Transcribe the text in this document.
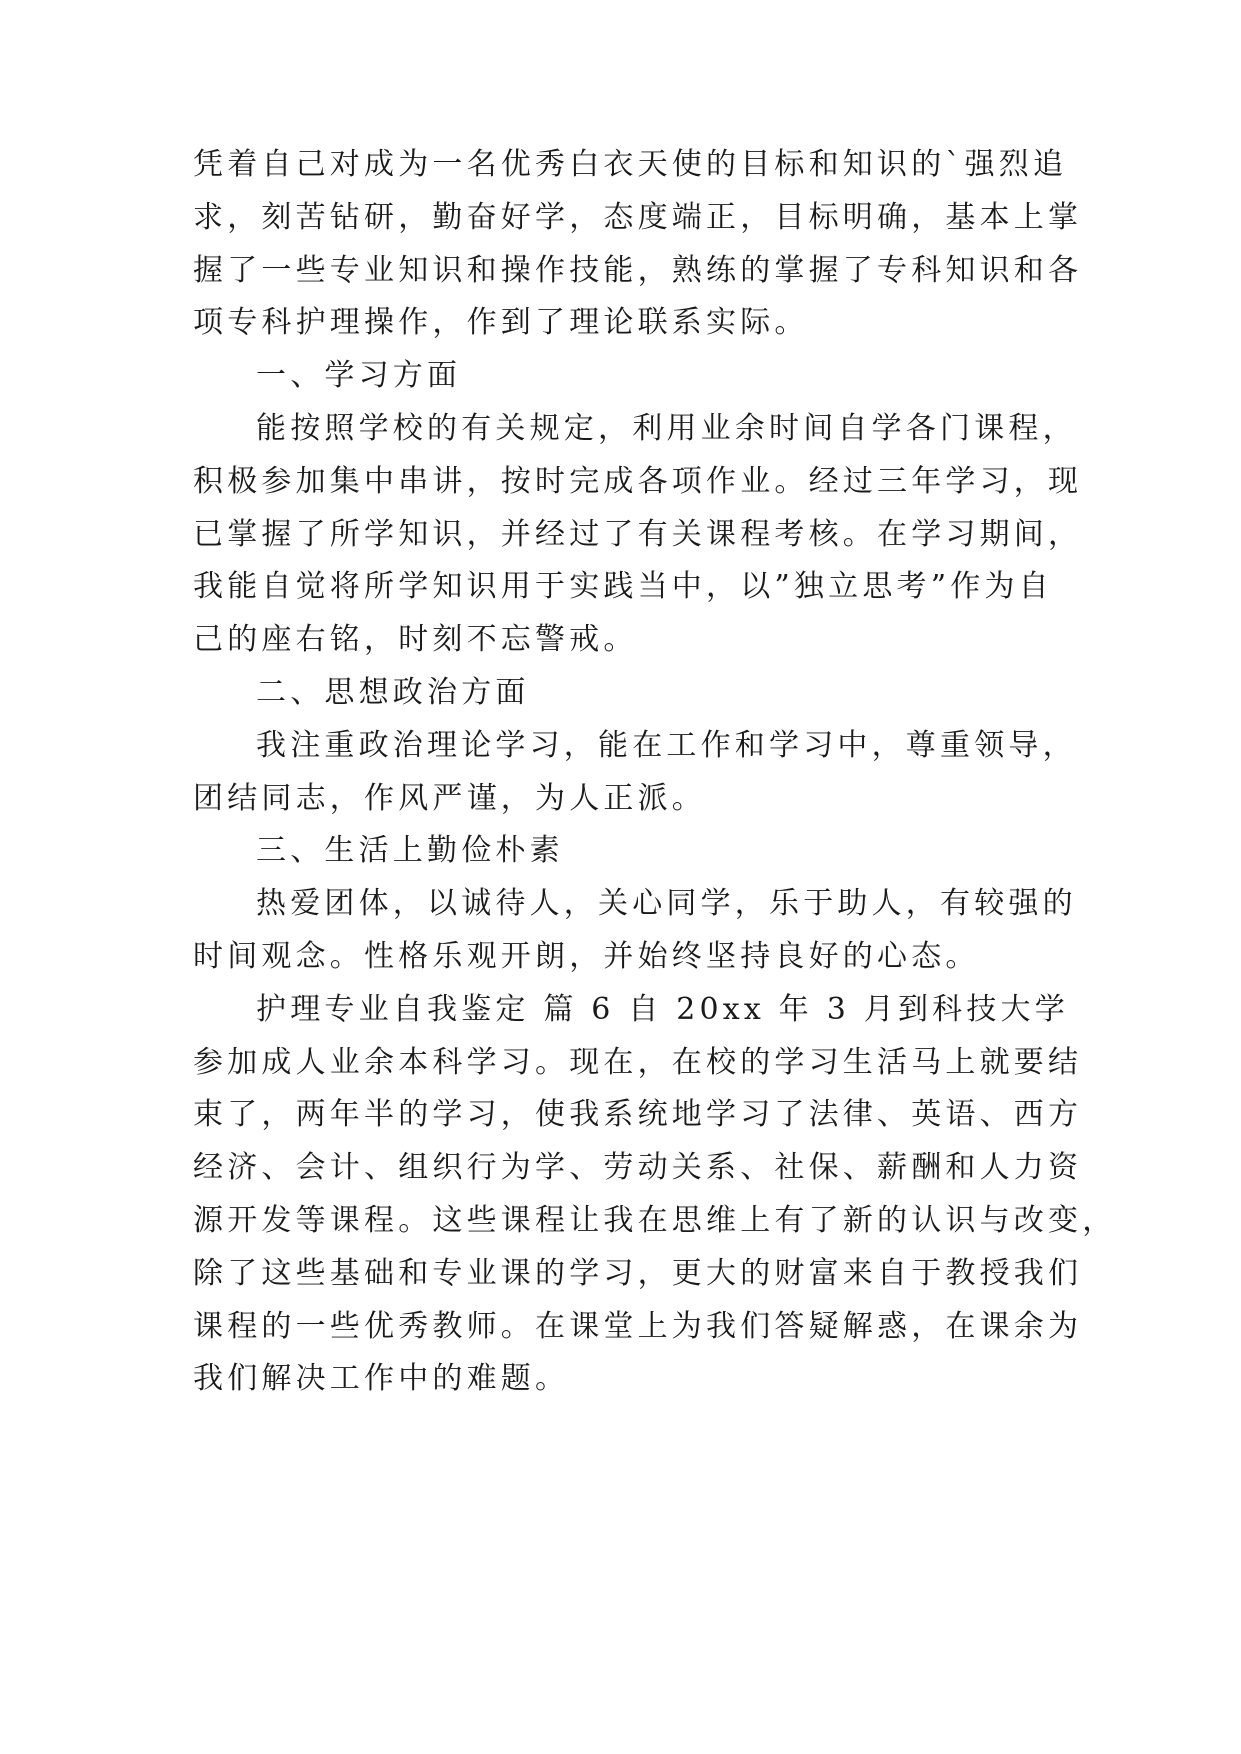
凭着自己对成为一名优秀白衣天使的目标和知识的`强烈追
求，刻苦钻研，勤奋好学，态度端正，目标明确，基本上掌
握了一些专业知识和操作技能，熟练的掌握了专科知识和各
项专科护理操作，作到了理论联系实际。
一、学习方面
能按照学校的有关规定，利用业余时间自学各门课程，
积极参加集中串讲，按时完成各项作业。经过三年学习，现
已掌握了所学知识，并经过了有关课程考核。在学习期间，
我能自觉将所学知识用于实践当中，以”独立思考”作为自
己的座右铭，时刻不忘警戒。
二、思想政治方面
我注重政治理论学习，能在工作和学习中，尊重领导，
团结同志，作风严谨，为人正派。
三、生活上勤俭朴素
热爱团体，以诚待人，关心同学，乐于助人，有较强的
时间观念。性格乐观开朗，并始终坚持良好的心态。
护理专业自我鉴定 篇 6 自 20xx 年 3 月到科技大学
参加成人业余本科学习。现在，在校的学习生活马上就要结
束了，两年半的学习，使我系统地学习了法律、英语、西方
经济、会计、组织行为学、劳动关系、社保、薪酬和人力资
源开发等课程。这些课程让我在思维上有了新的认识与改变，
除了这些基础和专业课的学习，更大的财富来自于教授我们
课程的一些优秀教师。在课堂上为我们答疑解惑，在课余为
我们解决工作中的难题。
